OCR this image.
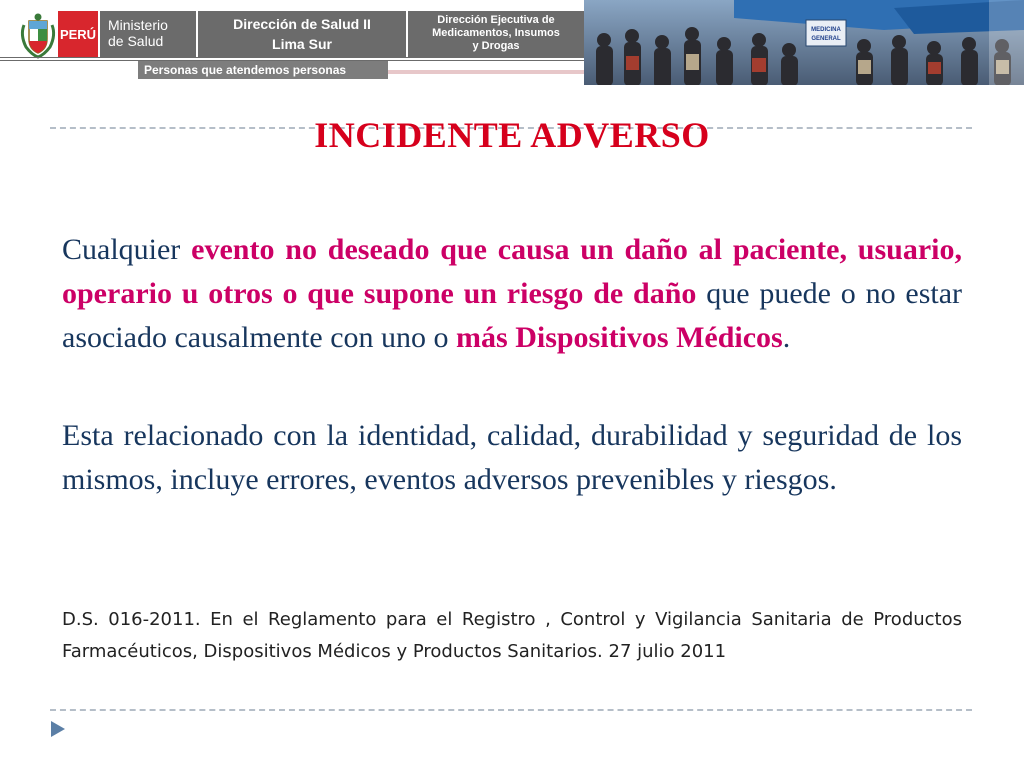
PERÚ
Ministerio
de Salud
Dirección de Salud II
Lima Sur
Dirección Ejecutiva de
Medicamentos, Insumos
y Drogas
Personas que atendemos personas
MEDICINA
GENERAL
INCIDENTE ADVERSO

Cualquier evento no deseado que causa un daño al paciente, usuario, operario u otros o que supone un riesgo de daño que puede o no estar asociado causalmente con uno o más Dispositivos Médicos.

Esta relacionado con la identidad, calidad, durabilidad y seguridad de los mismos, incluye errores, eventos adversos prevenibles y riesgos.

D.S. 016-2011. En el Reglamento para el Registro , Control y Vigilancia Sanitaria de Productos Farmacéuticos, Dispositivos Médicos y Productos Sanitarios. 27 julio 2011
